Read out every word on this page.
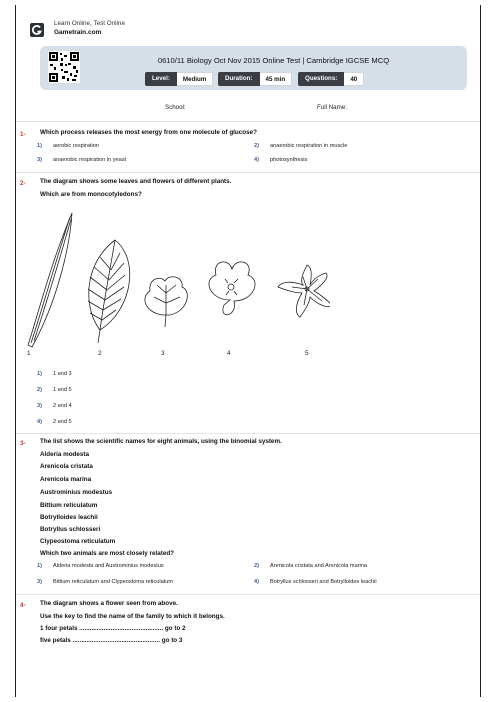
Learn Online, Test Online
Gametrain.com
0610/11 Biology Oct Nov 2015 Online Test | Cambridge IGCSE MCQ
Level:	Medium	Duration:	45 min	Questions:	40
School:	Full Name:
1- Which process releases the most energy from one molecule of glucose?
1) aerobic respiration	2) anaerobic respiration in muscle
3) anaerobic respiration in yeast	4) photosynthesis
2- The diagram shows some leaves and flowers of different plants.
Which are from monocotyledons?
1	2	3	4	5
1) 1 and 3
2) 1 and 5
3) 2 and 4
4) 2 and 5
3- The list shows the scientific names for eight animals, using the binomial system.
Alderia modesta
Arenicola cristata
Arenicola marina
Austrominius modestus
Bittium reticulatum
Botrylloides leachii
Botryllus schlosseri
Clypeostoma reticulatum
Which two animals are most closely related?
1) Alderia modesta and Austrominius modestus	2) Arenicola cristata and Arenicola marina
3) Bittium reticulatum and Clypeostoma reticulatum	4) Botryllus schlosseri and Botrylloides leachii
4- The diagram shows a flower seen from above.
Use the key to find the name of the family to which it belongs.
1 four petals ................................................ go to 2
five petals .................................................. go to 3
